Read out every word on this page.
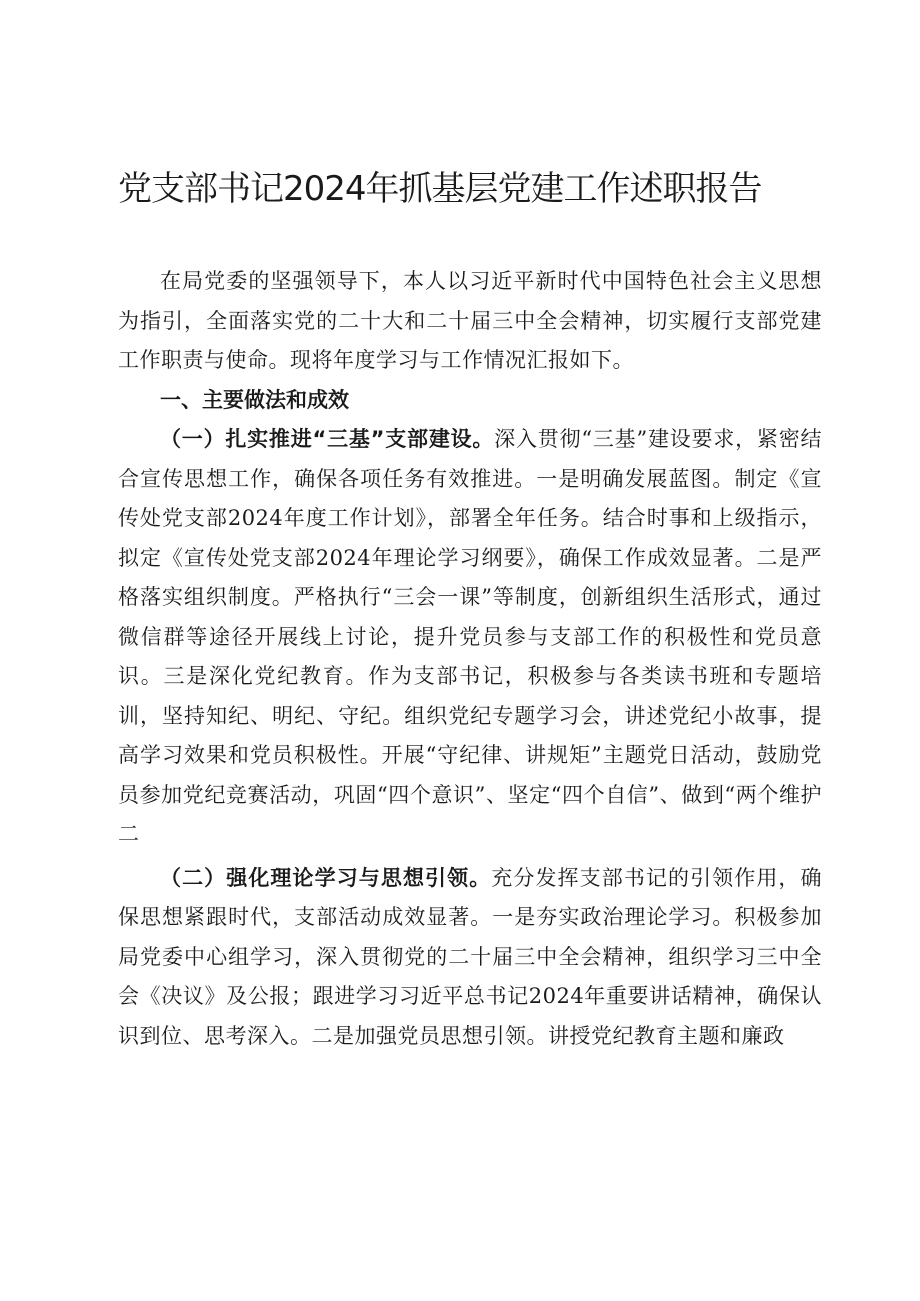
党支部书记2024年抓基层党建工作述职报告

在局党委的坚强领导下，本人以习近平新时代中国特色社会主义思想为指引，全面落实党的二十大和二十届三中全会精神，切实履行支部党建工作职责与使命。现将年度学习与工作情况汇报如下。

一、主要做法和成效

（一）扎实推进“三基”支部建设。深入贯彻“三基”建设要求，紧密结合宣传思想工作，确保各项任务有效推进。一是明确发展蓝图。制定《宣传处党支部2024年度工作计划》，部署全年任务。结合时事和上级指示，拟定《宣传处党支部2024年理论学习纲要》，确保工作成效显著。二是严格落实组织制度。严格执行“三会一课”等制度，创新组织生活形式，通过微信群等途径开展线上讨论，提升党员参与支部工作的积极性和党员意识。三是深化党纪教育。作为支部书记，积极参与各类读书班和专题培训，坚持知纪、明纪、守纪。组织党纪专题学习会，讲述党纪小故事，提高学习效果和党员积极性。开展“守纪律、讲规矩”主题党日活动，鼓励党员参加党纪竞赛活动，巩固“四个意识”、坚定“四个自信”、做到“两个维护二

（二）强化理论学习与思想引领。充分发挥支部书记的引领作用，确保思想紧跟时代，支部活动成效显著。一是夯实政治理论学习。积极参加局党委中心组学习，深入贯彻党的二十届三中全会精神，组织学习三中全会《决议》及公报；跟进学习习近平总书记2024年重要讲话精神，确保认识到位、思考深入。二是加强党员思想引领。讲授党纪教育主题和廉政
